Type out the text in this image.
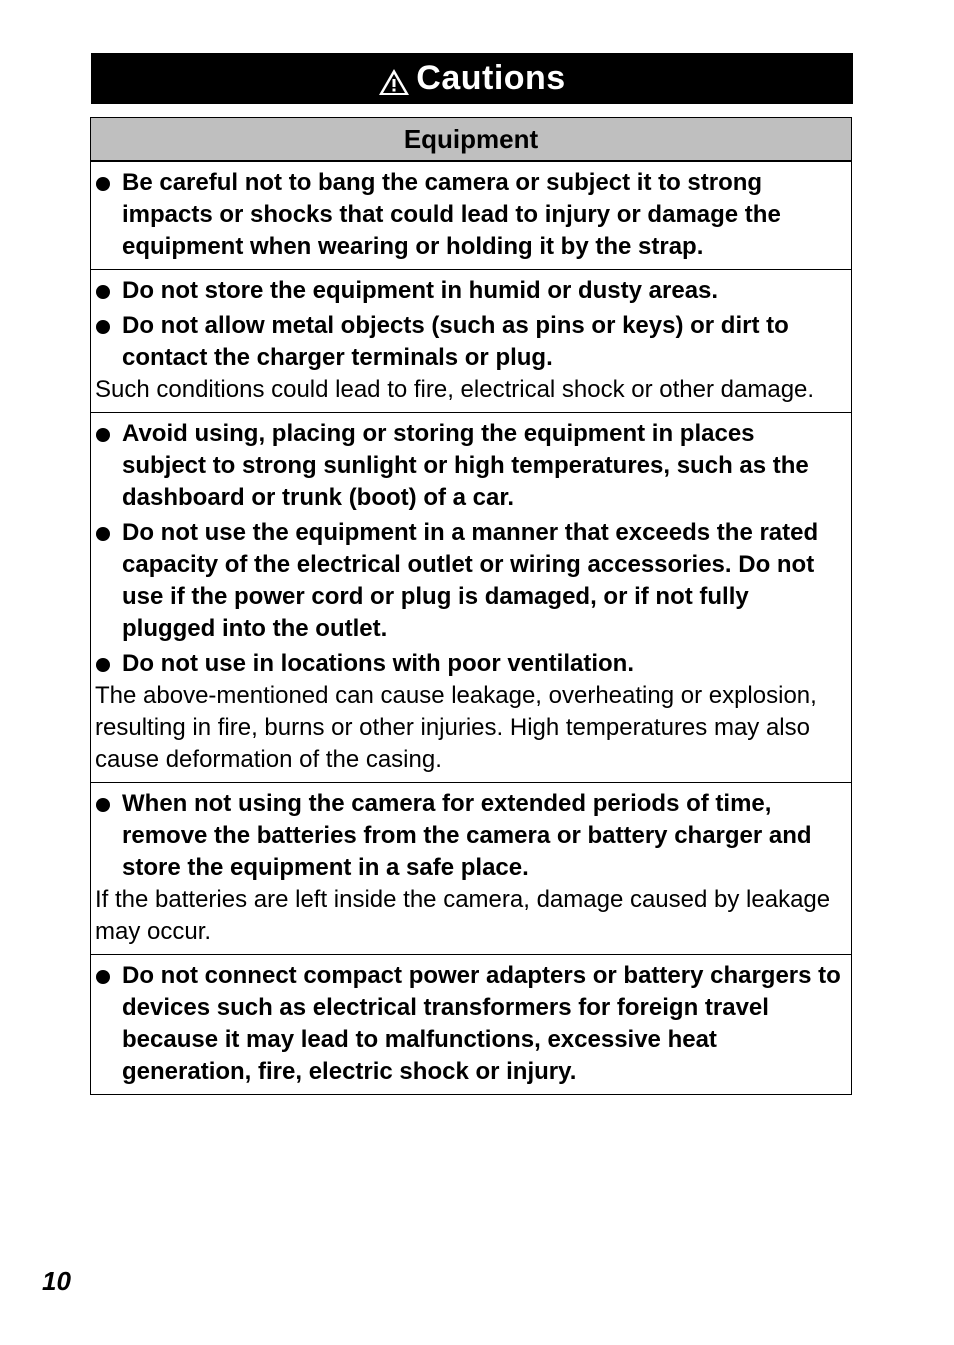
Cautions
Equipment
Be careful not to bang the camera or subject it to strong impacts or shocks that could lead to injury or damage the equipment when wearing or holding it by the strap.
Do not store the equipment in humid or dusty areas.
Do not allow metal objects (such as pins or keys) or dirt to contact the charger terminals or plug.
Such conditions could lead to fire, electrical shock or other damage.
Avoid using, placing or storing the equipment in places subject to strong sunlight or high temperatures, such as the dashboard or trunk (boot) of a car.
Do not use the equipment in a manner that exceeds the rated capacity of the electrical outlet or wiring accessories. Do not use if the power cord or plug is damaged, or if not fully plugged into the outlet.
Do not use in locations with poor ventilation.
The above-mentioned can cause leakage, overheating or explosion, resulting in fire, burns or other injuries. High temperatures may also cause deformation of the casing.
When not using the camera for extended periods of time, remove the batteries from the camera or battery charger and store the equipment in a safe place.
If the batteries are left inside the camera, damage caused by leakage may occur.
Do not connect compact power adapters or battery chargers to devices such as electrical transformers for foreign travel because it may lead to malfunctions, excessive heat generation, fire, electric shock or injury.
10
